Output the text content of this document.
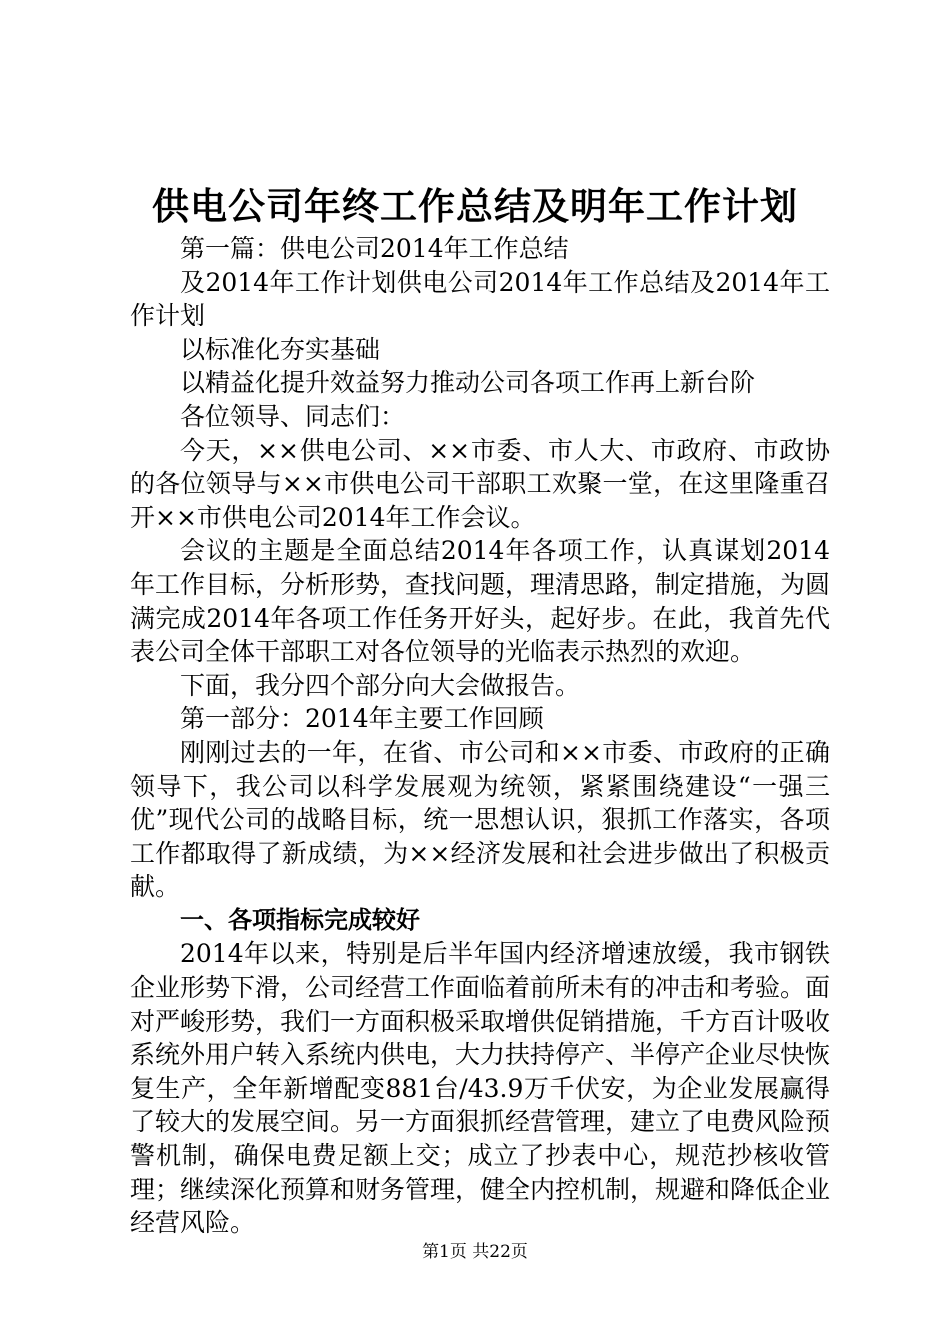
供电公司年终工作总结及明年工作计划

第一篇：供电公司2014年工作总结

及2014年工作计划供电公司2014年工作总结及2014年工作计划

以标准化夯实基础

以精益化提升效益努力推动公司各项工作再上新台阶

各位领导、同志们：

今天，××供电公司、××市委、市人大、市政府、市政协的各位领导与××市供电公司干部职工欢聚一堂，在这里隆重召开××市供电公司2014年工作会议。

会议的主题是全面总结2014年各项工作，认真谋划2014年工作目标，分析形势，查找问题，理清思路，制定措施，为圆满完成2014年各项工作任务开好头，起好步。在此，我首先代表公司全体干部职工对各位领导的光临表示热烈的欢迎。

下面，我分四个部分向大会做报告。

第一部分：2014年主要工作回顾

刚刚过去的一年，在省、市公司和××市委、市政府的正确领导下，我公司以科学发展观为统领，紧紧围绕建设“一强三优”现代公司的战略目标，统一思想认识，狠抓工作落实，各项工作都取得了新成绩，为××经济发展和社会进步做出了积极贡献。

一、各项指标完成较好

2014年以来，特别是后半年国内经济增速放缓，我市钢铁企业形势下滑，公司经营工作面临着前所未有的冲击和考验。面对严峻形势，我们一方面积极采取增供促销措施，千方百计吸收系统外用户转入系统内供电，大力扶持停产、半停产企业尽快恢复生产，全年新增配变881台/43.9万千伏安，为企业发展赢得了较大的发展空间。另一方面狠抓经营管理，建立了电费风险预警机制，确保电费足额上交；成立了抄表中心，规范抄核收管理；继续深化预算和财务管理，健全内控机制，规避和降低企业经营风险。

第1页 共22页
